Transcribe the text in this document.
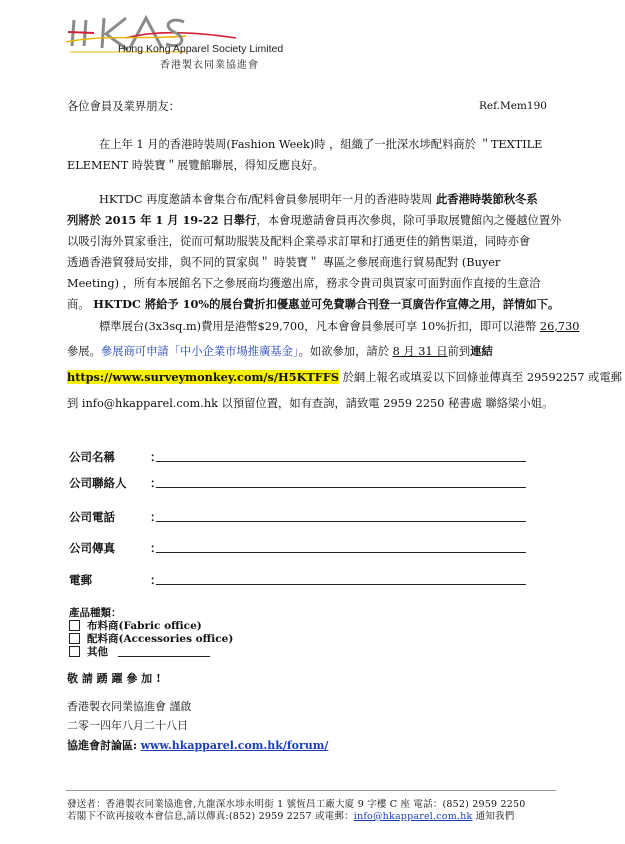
Hong Kong Apparel Society Limited
香港製衣同業協進會
各位會員及業界朋友：	Ref.Mem190
在上年 1 月的香港時裝周(Fashion Week)時 ，組織了一批深水埗配料商於 ＂TEXTILE
ELEMENT 時裝寶＂展覽館聯展，得知反應良好。
HKTDC 再度邀請本會集合布/配料會員參展明年一月的香港時裝周 此香港時裝節秋冬系
列將於 2015 年 1 月 19-22 日舉行，本會現邀請會員再次參與，除可爭取展覽館內之優越位置外
以吸引海外買家垂注，從而可幫助服裝及配料企業尋求訂單和打通更佳的銷售渠道，同時亦會
透過香港貿發局安排，與不同的買家與＂ 時裝寶＂ 專區之參展商進行貿易配對 (Buyer
Meeting) ，所有本展館名下之參展商均獲邀出席，務求令貴司與買家可面對面作直接的生意洽
商。 HKTDC 將給予 10%的展台費折扣優惠並可免費聯合刊登一頁廣告作宣傳之用，詳情如下。
標準展台(3x3sq.m)費用是港幣$29,700，凡本會會員參展可享 10%折扣，即可以港幣 26,730
參展。參展商可申請「中小企業市場推廣基金」。如欲參加，請於 8 月 31 日前到連結
https://www.surveymonkey.com/s/H5KTFFS 於網上報名或填妥以下回條並傳真至 29592257 或電郵
到 info@hkapparel.com.hk 以預留位置，如有查詢，請致電 2959 2250 秘書處 聯絡梁小姐。
公司名稱	：
公司聯絡人 ：
公司電話	：
公司傳真	：
電郵	：
產品種類：
布料商(Fabric office)
配料商(Accessories office)
其他
敬 請 踴 躍 參 加 !
香港製衣同業協進會 謹啟
二零一四年八月二十八日
協進會討論區: www.hkapparel.com.hk/forum/
發送者：香港製衣同業協進會,九龍深水埗永明街 1 號恆昌工廠大廈 9 字樓 C 座 電話：(852) 2959 2250
若閣下不欲再接收本會信息,請以傳真:(852) 2959 2257 或電郵：info@hkapparel.com.hk 通知我們
